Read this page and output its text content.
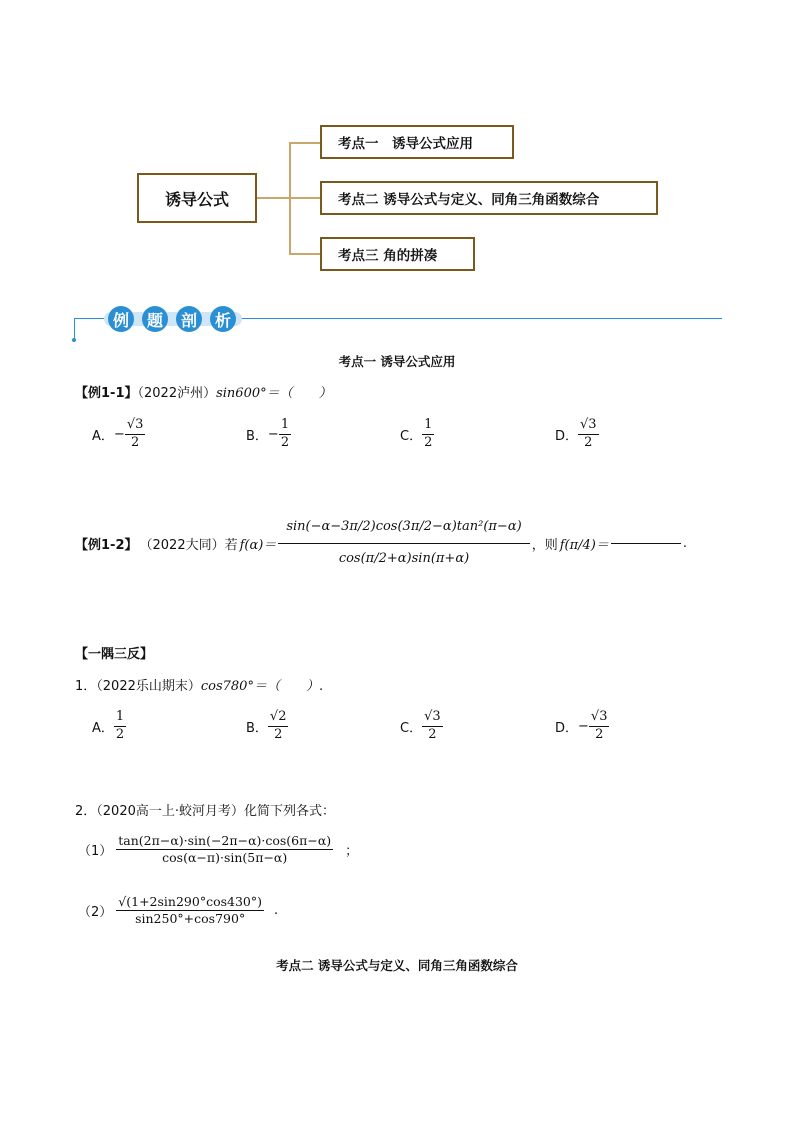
诱导公式
考点一　诱导公式应用
考点二 诱导公式与定义、同角三角函数综合
考点三 角的拼凑
例	题	剖	析
考点一 诱导公式应用
【例1-1】（2022泸州）sin600°＝（　　）
A． − $\frac{√3}{2}$	B． − $\frac{1}{2}$	C． $\frac{1}{2}$	D． $\frac{√3}{2}$
【例1-2】 （2022大同）若 $f(\alpha)= \frac{\text{sin(−α−3π/2)cos(3π/2−α)tan²(π−α)}}{\cos(\pi/2+\alpha)\sin(\pi+\alpha)}$ ，则 f(π/4)＝	.
【一隅三反】
1．（2022乐山期末）cos780°＝（　　）.
A． $\frac{1}{2}$	B． $\frac{√2}{2}$	C． $\frac{√3}{2}$	D． − $\frac{√3}{2}$
2．（2020高一上·蛟河月考）化简下列各式：
$(1) \frac{\tan(2\pi-\alpha)\cdot\sin(-2\pi-\alpha)\cdot\cos(6\pi-\alpha)}{\cos(\alpha-\pi)\cdot\sin(5\pi-\alpha)}$ ；
$(2) \frac{√(1+2\sin 290^\circ\cos 430^\circ)}{\sin 250^\circ+\cos 790^\circ}$ .
考点二 诱导公式与定义、同角三角函数综合
